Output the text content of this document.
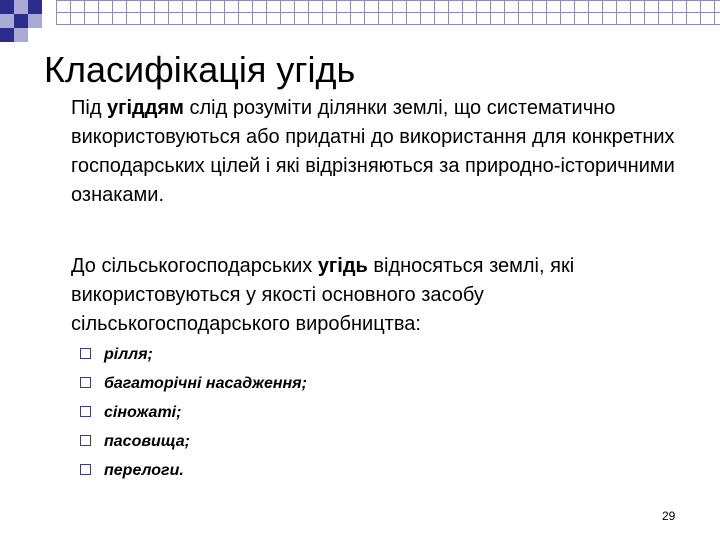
Класифікація угідь
Під угіддям слід розуміти ділянки землі, що систематично використовуються або придатні до використання для конкретних господарських цілей і які відрізняються за природно-історичними ознаками.
До сільськогосподарських угідь відносяться землі, які використовуються у якості основного засобу сільськогосподарського виробництва:
рілля;
багаторічні насадження;
сіножаті;
пасовища;
перелоги.
29
